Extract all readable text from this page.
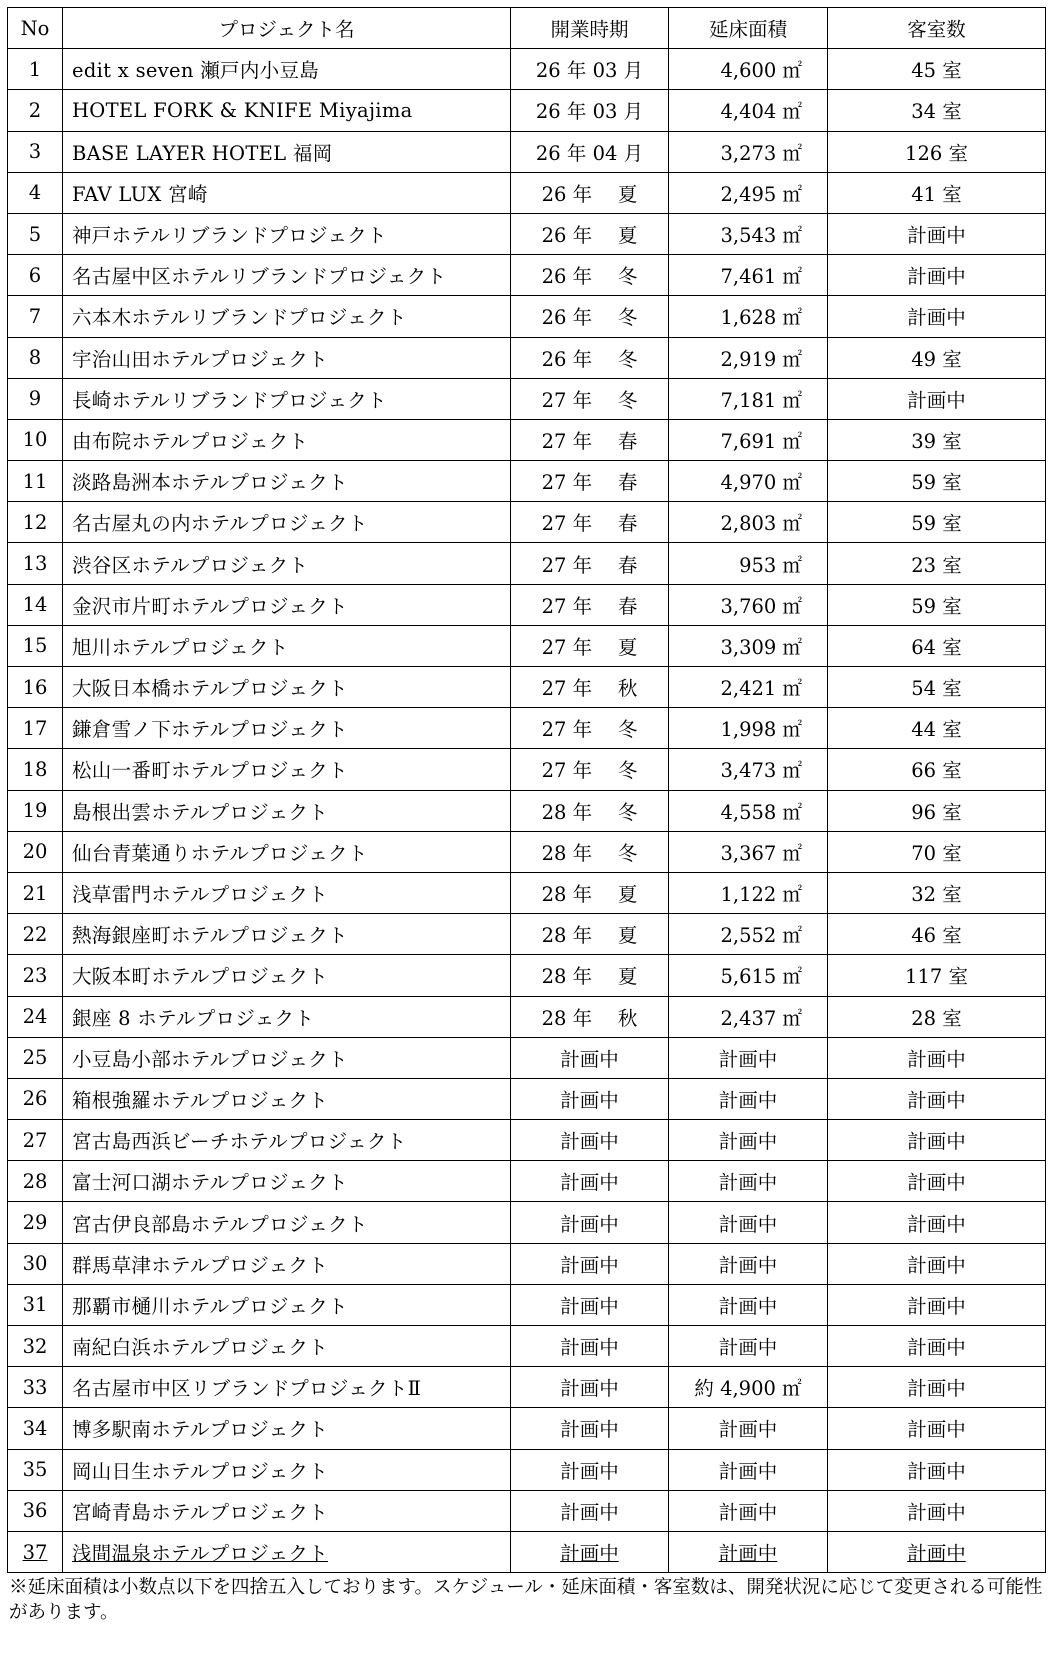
No	プロジェクト名	開業時期	延床面積	客室数
1	edit x seven 瀬戸内小豆島	26 年 03 月	4,600 ㎡	45 室
2	HOTEL FORK & KNIFE Miyajima	26 年 03 月	4,404 ㎡	34 室
3	BASE LAYER HOTEL 福岡	26 年 04 月	3,273 ㎡	126 室
4	FAV LUX 宮崎	26 年　 夏	2,495 ㎡	41 室
5	神戸ホテルリブランドプロジェクト	26 年　 夏	3,543 ㎡	計画中
6	名古屋中区ホテルリブランドプロジェクト	26 年　 冬	7,461 ㎡	計画中
7	六本木ホテルリブランドプロジェクト	26 年　 冬	1,628 ㎡	計画中
8	宇治山田ホテルプロジェクト	26 年　 冬	2,919 ㎡	49 室
9	長崎ホテルリブランドプロジェクト	27 年　 冬	7,181 ㎡	計画中
10	由布院ホテルプロジェクト	27 年　 春	7,691 ㎡	39 室
11	淡路島洲本ホテルプロジェクト	27 年　 春	4,970 ㎡	59 室
12	名古屋丸の内ホテルプロジェクト	27 年　 春	2,803 ㎡	59 室
13	渋谷区ホテルプロジェクト	27 年　 春	953 ㎡	23 室
14	金沢市片町ホテルプロジェクト	27 年　 春	3,760 ㎡	59 室
15	旭川ホテルプロジェクト	27 年　 夏	3,309 ㎡	64 室
16	大阪日本橋ホテルプロジェクト	27 年　 秋	2,421 ㎡	54 室
17	鎌倉雪ノ下ホテルプロジェクト	27 年　 冬	1,998 ㎡	44 室
18	松山一番町ホテルプロジェクト	27 年　 冬	3,473 ㎡	66 室
19	島根出雲ホテルプロジェクト	28 年　 冬	4,558 ㎡	96 室
20	仙台青葉通りホテルプロジェクト	28 年　 冬	3,367 ㎡	70 室
21	浅草雷門ホテルプロジェクト	28 年　 夏	1,122 ㎡	32 室
22	熱海銀座町ホテルプロジェクト	28 年　 夏	2,552 ㎡	46 室
23	大阪本町ホテルプロジェクト	28 年　 夏	5,615 ㎡	117 室
24	銀座 8 ホテルプロジェクト	28 年　 秋	2,437 ㎡	28 室
25	小豆島小部ホテルプロジェクト	計画中	計画中	計画中
26	箱根強羅ホテルプロジェクト	計画中	計画中	計画中
27	宮古島西浜ビーチホテルプロジェクト	計画中	計画中	計画中
28	富士河口湖ホテルプロジェクト	計画中	計画中	計画中
29	宮古伊良部島ホテルプロジェクト	計画中	計画中	計画中
30	群馬草津ホテルプロジェクト	計画中	計画中	計画中
31	那覇市樋川ホテルプロジェクト	計画中	計画中	計画中
32	南紀白浜ホテルプロジェクト	計画中	計画中	計画中
33	名古屋市中区リブランドプロジェクトⅡ	計画中	約 4,900 ㎡	計画中
34	博多駅南ホテルプロジェクト	計画中	計画中	計画中
35	岡山日生ホテルプロジェクト	計画中	計画中	計画中
36	宮崎青島ホテルプロジェクト	計画中	計画中	計画中
37	浅間温泉ホテルプロジェクト	計画中	計画中	計画中
※延床面積は小数点以下を四捨五入しております。スケジュール・延床面積・客室数は、開発状況に応じて変更される可能性があります。
